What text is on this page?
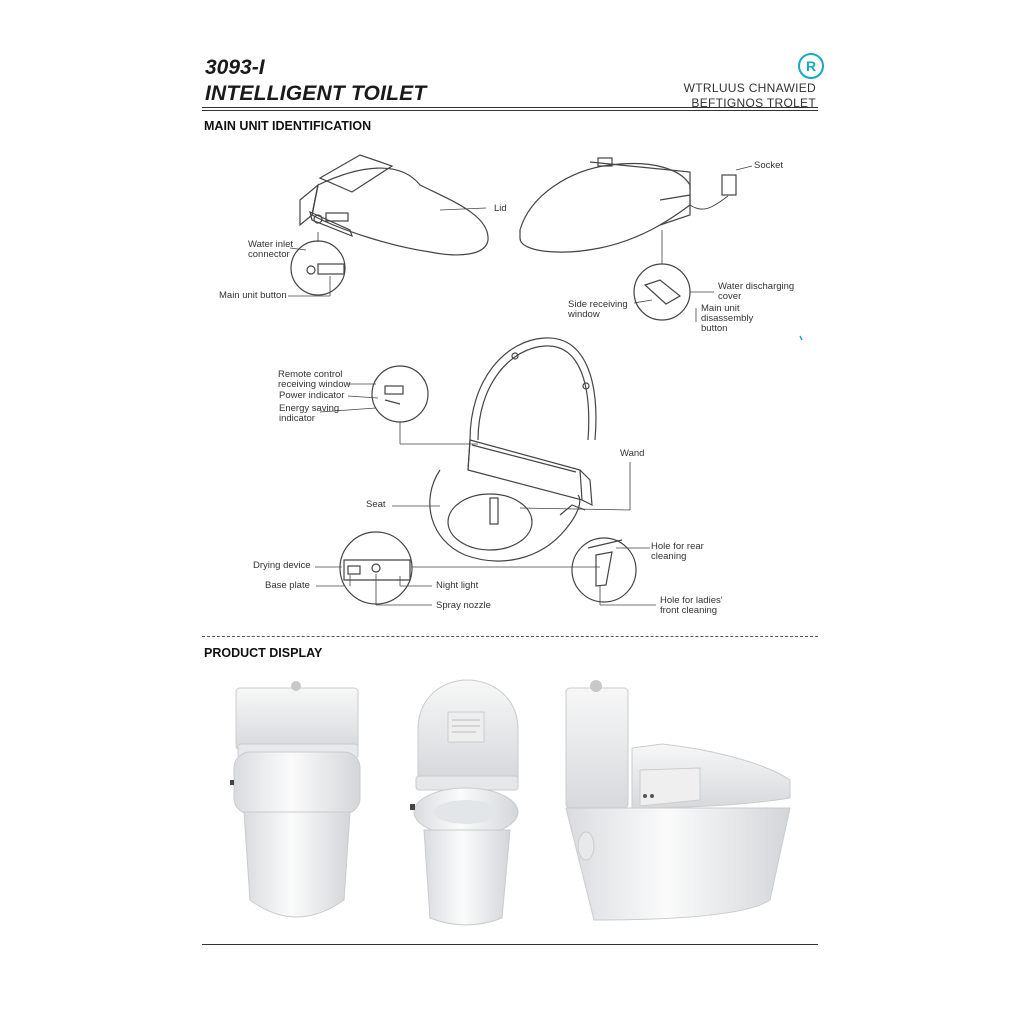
3093-I
INTELLIGENT TOILET
R
WTRLUUS CHNAWIED
BEFTIGNOS TROLET
MAIN UNIT IDENTIFICATION
Lid
Water inlet connector
Main unit button
Socket
Water discharging cover
Side receiving window
Main unit disassembly button
Remote control receiving window
Power indicator
Energy saving indicator
Wand
Seat
Drying device
Base plate	Night light
Spray nozzle
Hole for rear cleaning
Hole for ladies' front cleaning
PRODUCT DISPLAY
